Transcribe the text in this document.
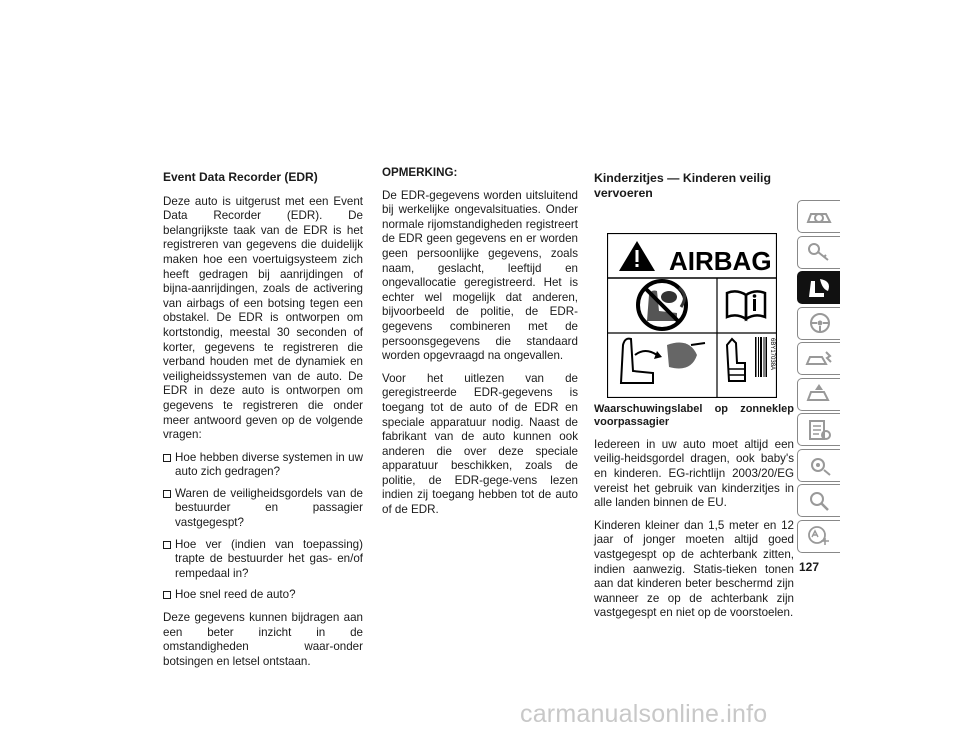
Event Data Recorder (EDR)

Deze auto is uitgerust met een Event Data Recorder (EDR). De belangrijkste taak van de EDR is het registreren van gegevens die duidelijk maken hoe een voertuigsysteem zich heeft gedragen bij aanrijdingen of bijna-aanrijdingen, zoals de activering van airbags of een botsing tegen een obstakel. De EDR is ontworpen om kortstondig, meestal 30 seconden of korter, gegevens te registreren die verband houden met de dynamiek en veiligheidssystemen van de auto. De EDR in deze auto is ontworpen om gegevens te registreren die onder meer antwoord geven op de volgende vragen:

Hoe hebben diverse systemen in uw auto zich gedragen?
Waren de veiligheidsgordels van de bestuurder en passagier vastgegespt?
Hoe ver (indien van toepassing) trapte de bestuurder het gas- en/of rempedaal in?
Hoe snel reed de auto?

Deze gegevens kunnen bijdragen aan een beter inzicht in de omstandigheden waar-onder botsingen en letsel ontstaan.

OPMERKING:

De EDR-gegevens worden uitsluitend bij werkelijke ongevalsituaties. Onder normale rijomstandigheden registreert de EDR geen gegevens en er worden geen persoonlijke gegevens, zoals naam, geslacht, leeftijd en ongevallocatie geregistreerd. Het is echter wel mogelijk dat anderen, bijvoorbeeld de politie, de EDR-gegevens combineren met de persoonsgegevens die standaard worden opgevraagd na ongevallen.

Voor het uitlezen van de geregistreerde EDR-gegevens is toegang tot de auto of de EDR en speciale apparatuur nodig. Naast de fabrikant van de auto kunnen ook anderen die over deze speciale apparatuur beschikken, zoals de politie, de EDR-gege-vens lezen indien zij toegang hebben tot de auto of de EDR.

Kinderzitjes — Kinderen veilig vervoeren
AIRBAG
6BY17038A

Waarschuwingslabel op zonneklep voorpassagier

Iedereen in uw auto moet altijd een veilig-heidsgordel dragen, ook baby's en kinderen. EG-richtlijn 2003/20/EG vereist het gebruik van kinderzitjes in alle landen binnen de EU.

Kinderen kleiner dan 1,5 meter en 12 jaar of jonger moeten altijd goed vastgegespt op de achterbank zitten, indien aanwezig. Statis-tieken tonen aan dat kinderen beter beschermd zijn wanneer ze op de achterbank zijn vastgegespt en niet op de voorstoelen.

127
carmanualsonline.info
